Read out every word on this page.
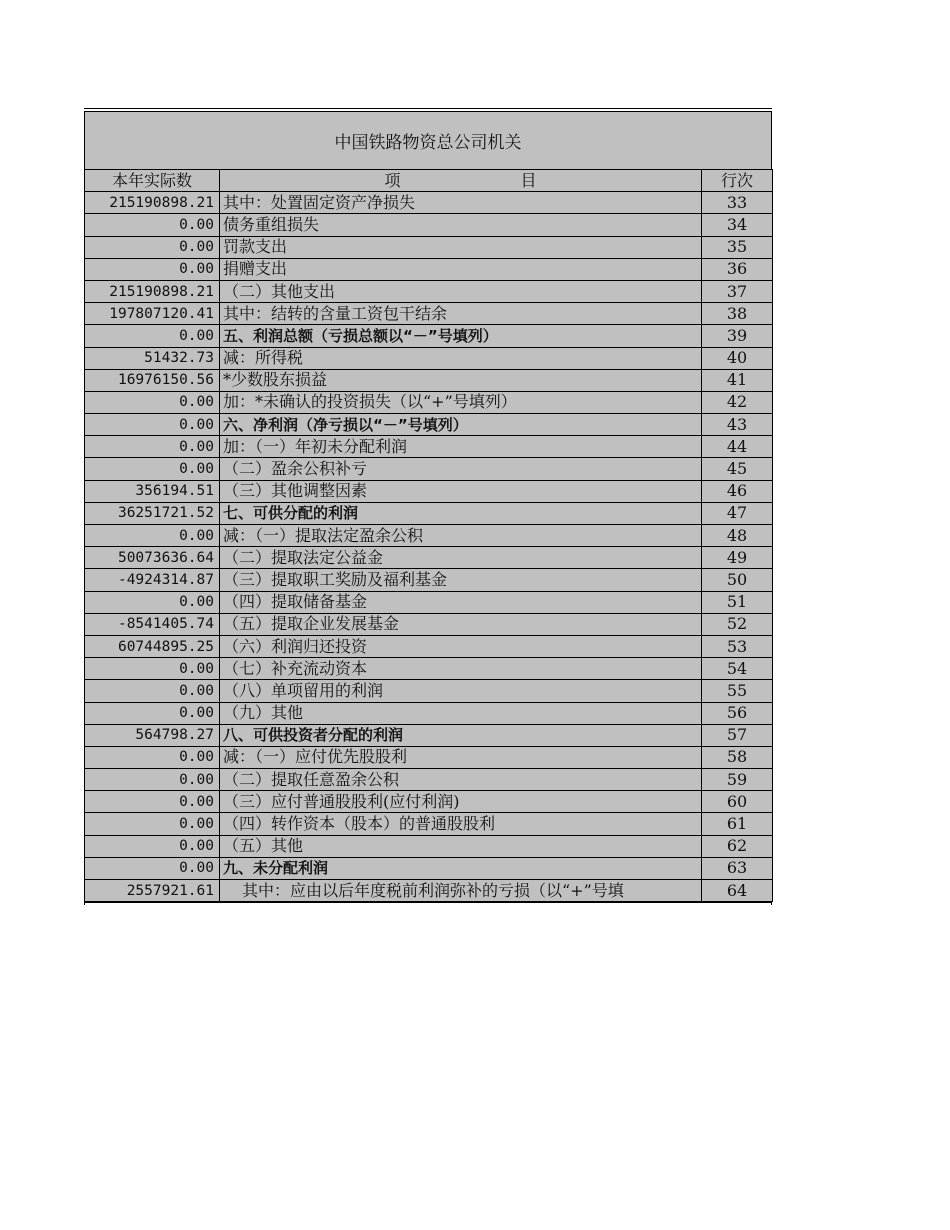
中国铁路物资总公司机关
本年实际数	项 目	行次
215190898.21	其中：处置固定资产净损失	33
0.00	债务重组损失	34
0.00	罚款支出	35
0.00	捐赠支出	36
215190898.21	（二）其他支出	37
197807120.41	其中：结转的含量工资包干结余	38
0.00	五、利润总额（亏损总额以“－”号填列）	39
51432.73	减：所得税	40
16976150.56	*少数股东损益	41
0.00	加：*未确认的投资损失（以“+”号填列）	42
0.00	六、净利润（净亏损以“－”号填列）	43
0.00	加：（一）年初未分配利润	44
0.00	（二）盈余公积补亏	45
356194.51	（三）其他调整因素	46
36251721.52	七、可供分配的利润	47
0.00	减：（一）提取法定盈余公积	48
50073636.64	（二）提取法定公益金	49
-4924314.87	（三）提取职工奖励及福利基金	50
0.00	（四）提取储备基金	51
-8541405.74	（五）提取企业发展基金	52
60744895.25	（六）利润归还投资	53
0.00	（七）补充流动资本	54
0.00	（八）单项留用的利润	55
0.00	（九）其他	56
564798.27	八、可供投资者分配的利润	57
0.00	减：（一）应付优先股股利	58
0.00	（二）提取任意盈余公积	59
0.00	（三）应付普通股股利(应付利润)	60
0.00	（四）转作资本（股本）的普通股股利	61
0.00	（五）其他	62
0.00	九、未分配利润	63
2557921.61	其中：应由以后年度税前利润弥补的亏损（以“+”号填	64
